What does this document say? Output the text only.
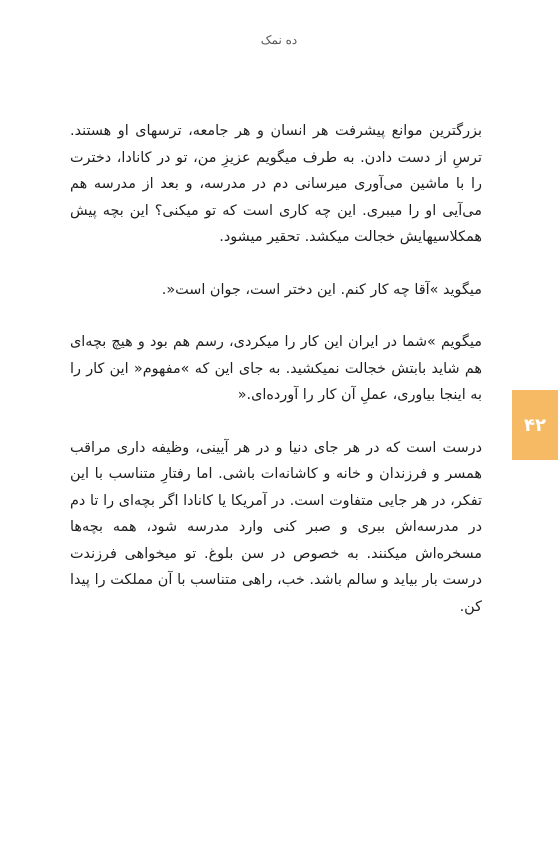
ده نمک

بزرگترین موانع پیشرفت هر انسان و هر جامعه، ترسهای او هستند. ترسِ از دست دادن. به طرف میگویم عزیزِ من، تو در کانادا، دخترت را با ماشین می‌آوری میرسانی دم در مدرسه، و بعد از مدرسه هم می‌آیی او را میبری. این چه کاری است که تو میکنی؟ این بچه پیش همکلاسیهایش خجالت میکشد. تحقیر میشود.

میگوید »آقا چه کار کنم. این دختر است، جوان است«.

میگویم »شما در ایران این کار را میکردی، رسم هم بود و هیچ بچه‌ای هم شاید بابتش خجالت نمیکشید. به جای این که »مفهوم« این کار را به اینجا بیاوری، عملِ آن کار را آورده‌ای.«

درست است که در هر جای دنیا و در هر آیینی، وظیفه داری مراقب همسر و فرزندان و خانه و کاشانه‌ات باشی. اما رفتارِ متناسب با این تفکر، در هر جایی متفاوت است. در آمریکا یا کانادا اگر بچه‌ای را تا دم در مدرسه‌اش ببری و صبر کنی وارد مدرسه شود، همه بچه‌ها مسخره‌اش میکنند. به خصوص در سن بلوغ. تو میخواهی فرزندت درست بار بیاید و سالم باشد. خب، راهی متناسب با آن مملکت را پیدا کن.

۴۲
